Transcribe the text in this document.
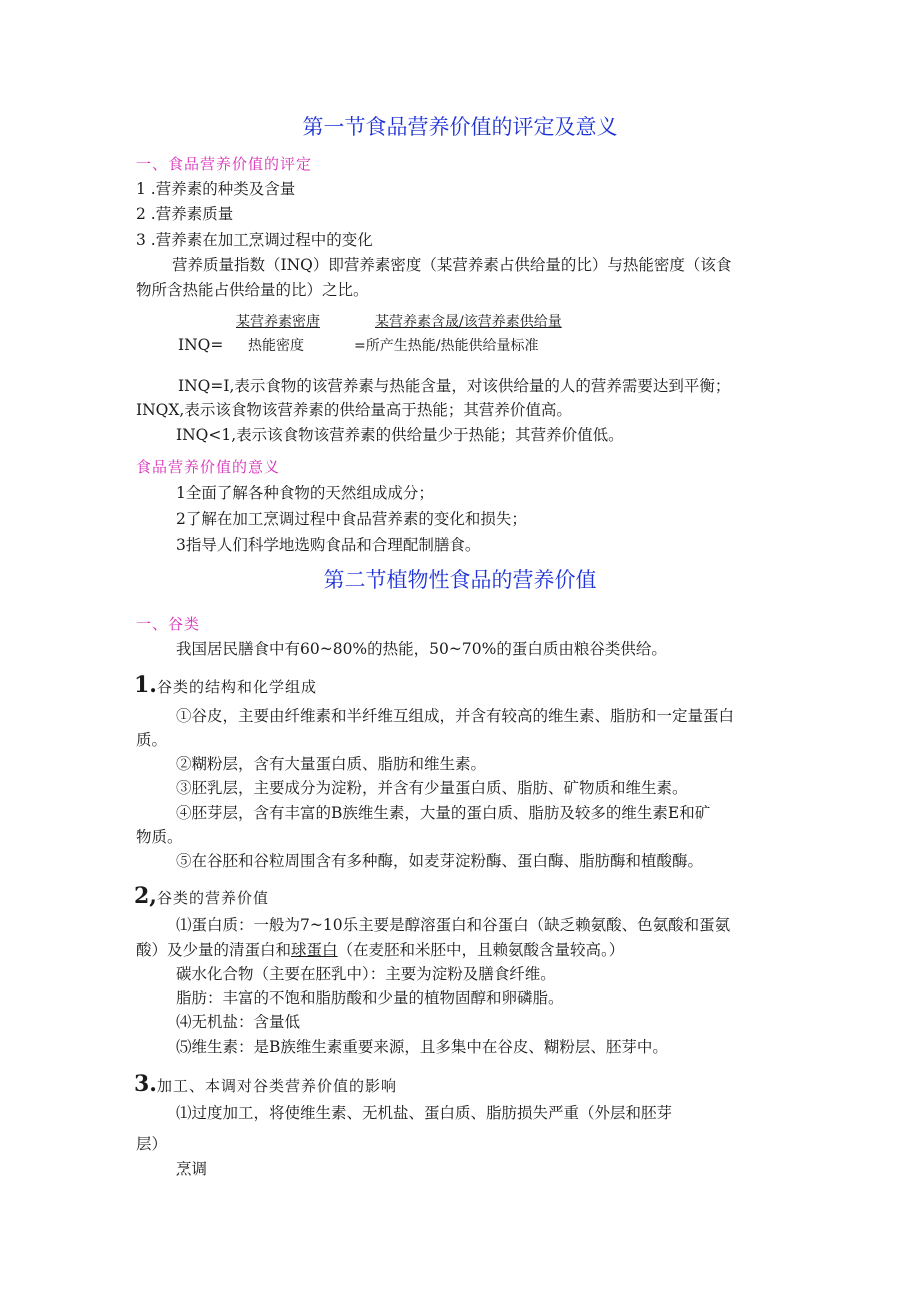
第一节食品营养价值的评定及意义
一、食品营养价值的评定
1 .营养素的种类及含量
2 .营养素质量
3 .营养素在加工烹调过程中的变化
营养质量指数（INQ）即营养素密度（某营养素占供给量的比）与热能密度（该食
物所含热能占供给量的比）之比。
某营养素密唐	某营养素含晟/该营养素供给量
INQ= 热能密度	=所产生热能/热能供给量标准
INQ=I,表示食物的该营养素与热能含量，对该供给量的人的营养需要达到平衡；
INQX,表示该食物该营养素的供给量高于热能；其营养价值高。
INQ<1,表示该食物该营养素的供给量少于热能；其营养价值低。
食品营养价值的意义
1全面了解各种食物的天然组成成分；
2了解在加工烹调过程中食品营养素的变化和损失；
3指导人们科学地选购食品和合理配制膳食。
第二节植物性食品的营养价值
一、谷类
我国居民膳食中有60~80%的热能，50~70%的蛋白质由粮谷类供给。
1.谷类的结构和化学组成
①谷皮，主要由纤维素和半纤维互组成，并含有较高的维生素、脂肪和一定量蛋白
质。
②糊粉层，含有大量蛋白质、脂肪和维生素。
③胚乳层，主要成分为淀粉，并含有少量蛋白质、脂肪、矿物质和维生素。
④胚芽层，含有丰富的B族维生素，大量的蛋白质、脂肪及较多的维生素E和矿
物质。
⑤在谷胚和谷粒周围含有多种酶，如麦芽淀粉酶、蛋白酶、脂肪酶和植酸酶。
2,谷类的营养价值
⑴蛋白质：一般为7~10乐主要是醇溶蛋白和谷蛋白（缺乏赖氨酸、色氨酸和蛋氨
酸）及少量的清蛋白和球蛋白（在麦胚和米胚中，且赖氨酸含量较高。）
碳水化合物（主要在胚乳中）：主要为淀粉及膳食纤维。
脂肪：丰富的不饱和脂肪酸和少量的植物固醇和卵磷脂。
⑷无机盐：含量低
⑸维生素：是B族维生素重要来源，且多集中在谷皮、糊粉层、胚芽中。
3.加工、本调对谷类营养价值的影响
⑴过度加工，将使维生素、无机盐、蛋白质、脂肪损失严重（外层和胚芽
层）
烹调
